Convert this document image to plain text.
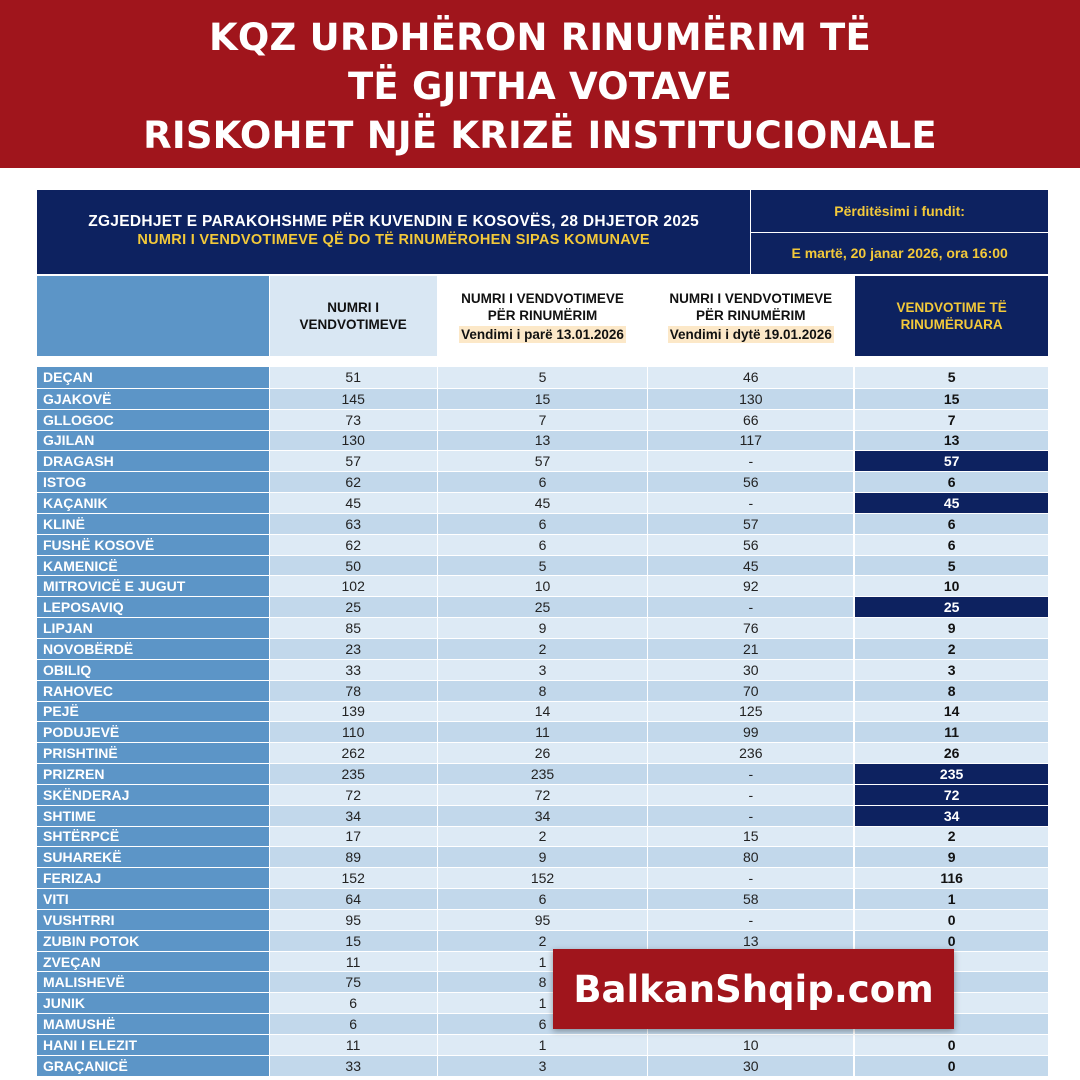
KQZ URDHËRON RINUMËRIM TË
TË GJITHA VOTAVE
RISKOHET NJË KRIZË INSTITUCIONALE
ZGJEDHJET E PARAKOHSHME PËR KUVENDIN E KOSOVËS, 28 DHJETOR 2025
NUMRI I VENDVOTIMEVE QË DO TË RINUMËROHEN SIPAS KOMUNAVE
Përditësimi i fundit:
E martë, 20 janar 2026, ora 16:00
NUMRI I
VENDVOTIMEVE
NUMRI I VENDVOTIMEVE
PËR RINUMËRIM
Vendimi i parë 13.01.2026
NUMRI I VENDVOTIMEVE
PËR RINUMËRIM
Vendimi i dytë 19.01.2026
VENDVOTIME TË
RINUMËRUARA
DEÇAN	51	5	46	5
GJAKOVË	145	15	130	15
GLLOGOC	73	7	66	7
GJILAN	130	13	117	13
DRAGASH	57	57	-	57
ISTOG	62	6	56	6
KAÇANIK	45	45	-	45
KLINË	63	6	57	6
FUSHË KOSOVË	62	6	56	6
KAMENICË	50	5	45	5
MITROVICË E JUGUT	102	10	92	10
LEPOSAVIQ	25	25	-	25
LIPJAN	85	9	76	9
NOVOBËRDË	23	2	21	2
OBILIQ	33	3	30	3
RAHOVEC	78	8	70	8
PEJË	139	14	125	14
PODUJEVË	110	11	99	11
PRISHTINË	262	26	236	26
PRIZREN	235	235	-	235
SKËNDERAJ	72	72	-	72
SHTIME	34	34	-	34
SHTËRPCË	17	2	15	2
SUHAREKË	89	9	80	9
FERIZAJ	152	152	-	116
VITI	64	6	58	1
VUSHTRRI	95	95	-	0
ZUBIN POTOK	15	2	13	0
ZVEÇAN	11	1
MALISHEVË	75	8
JUNIK	6	1
MAMUSHË	6	6
HANI I ELEZIT	11	1	10	0
GRAÇANICË	33	3	30	0
BalkanShqip.com
